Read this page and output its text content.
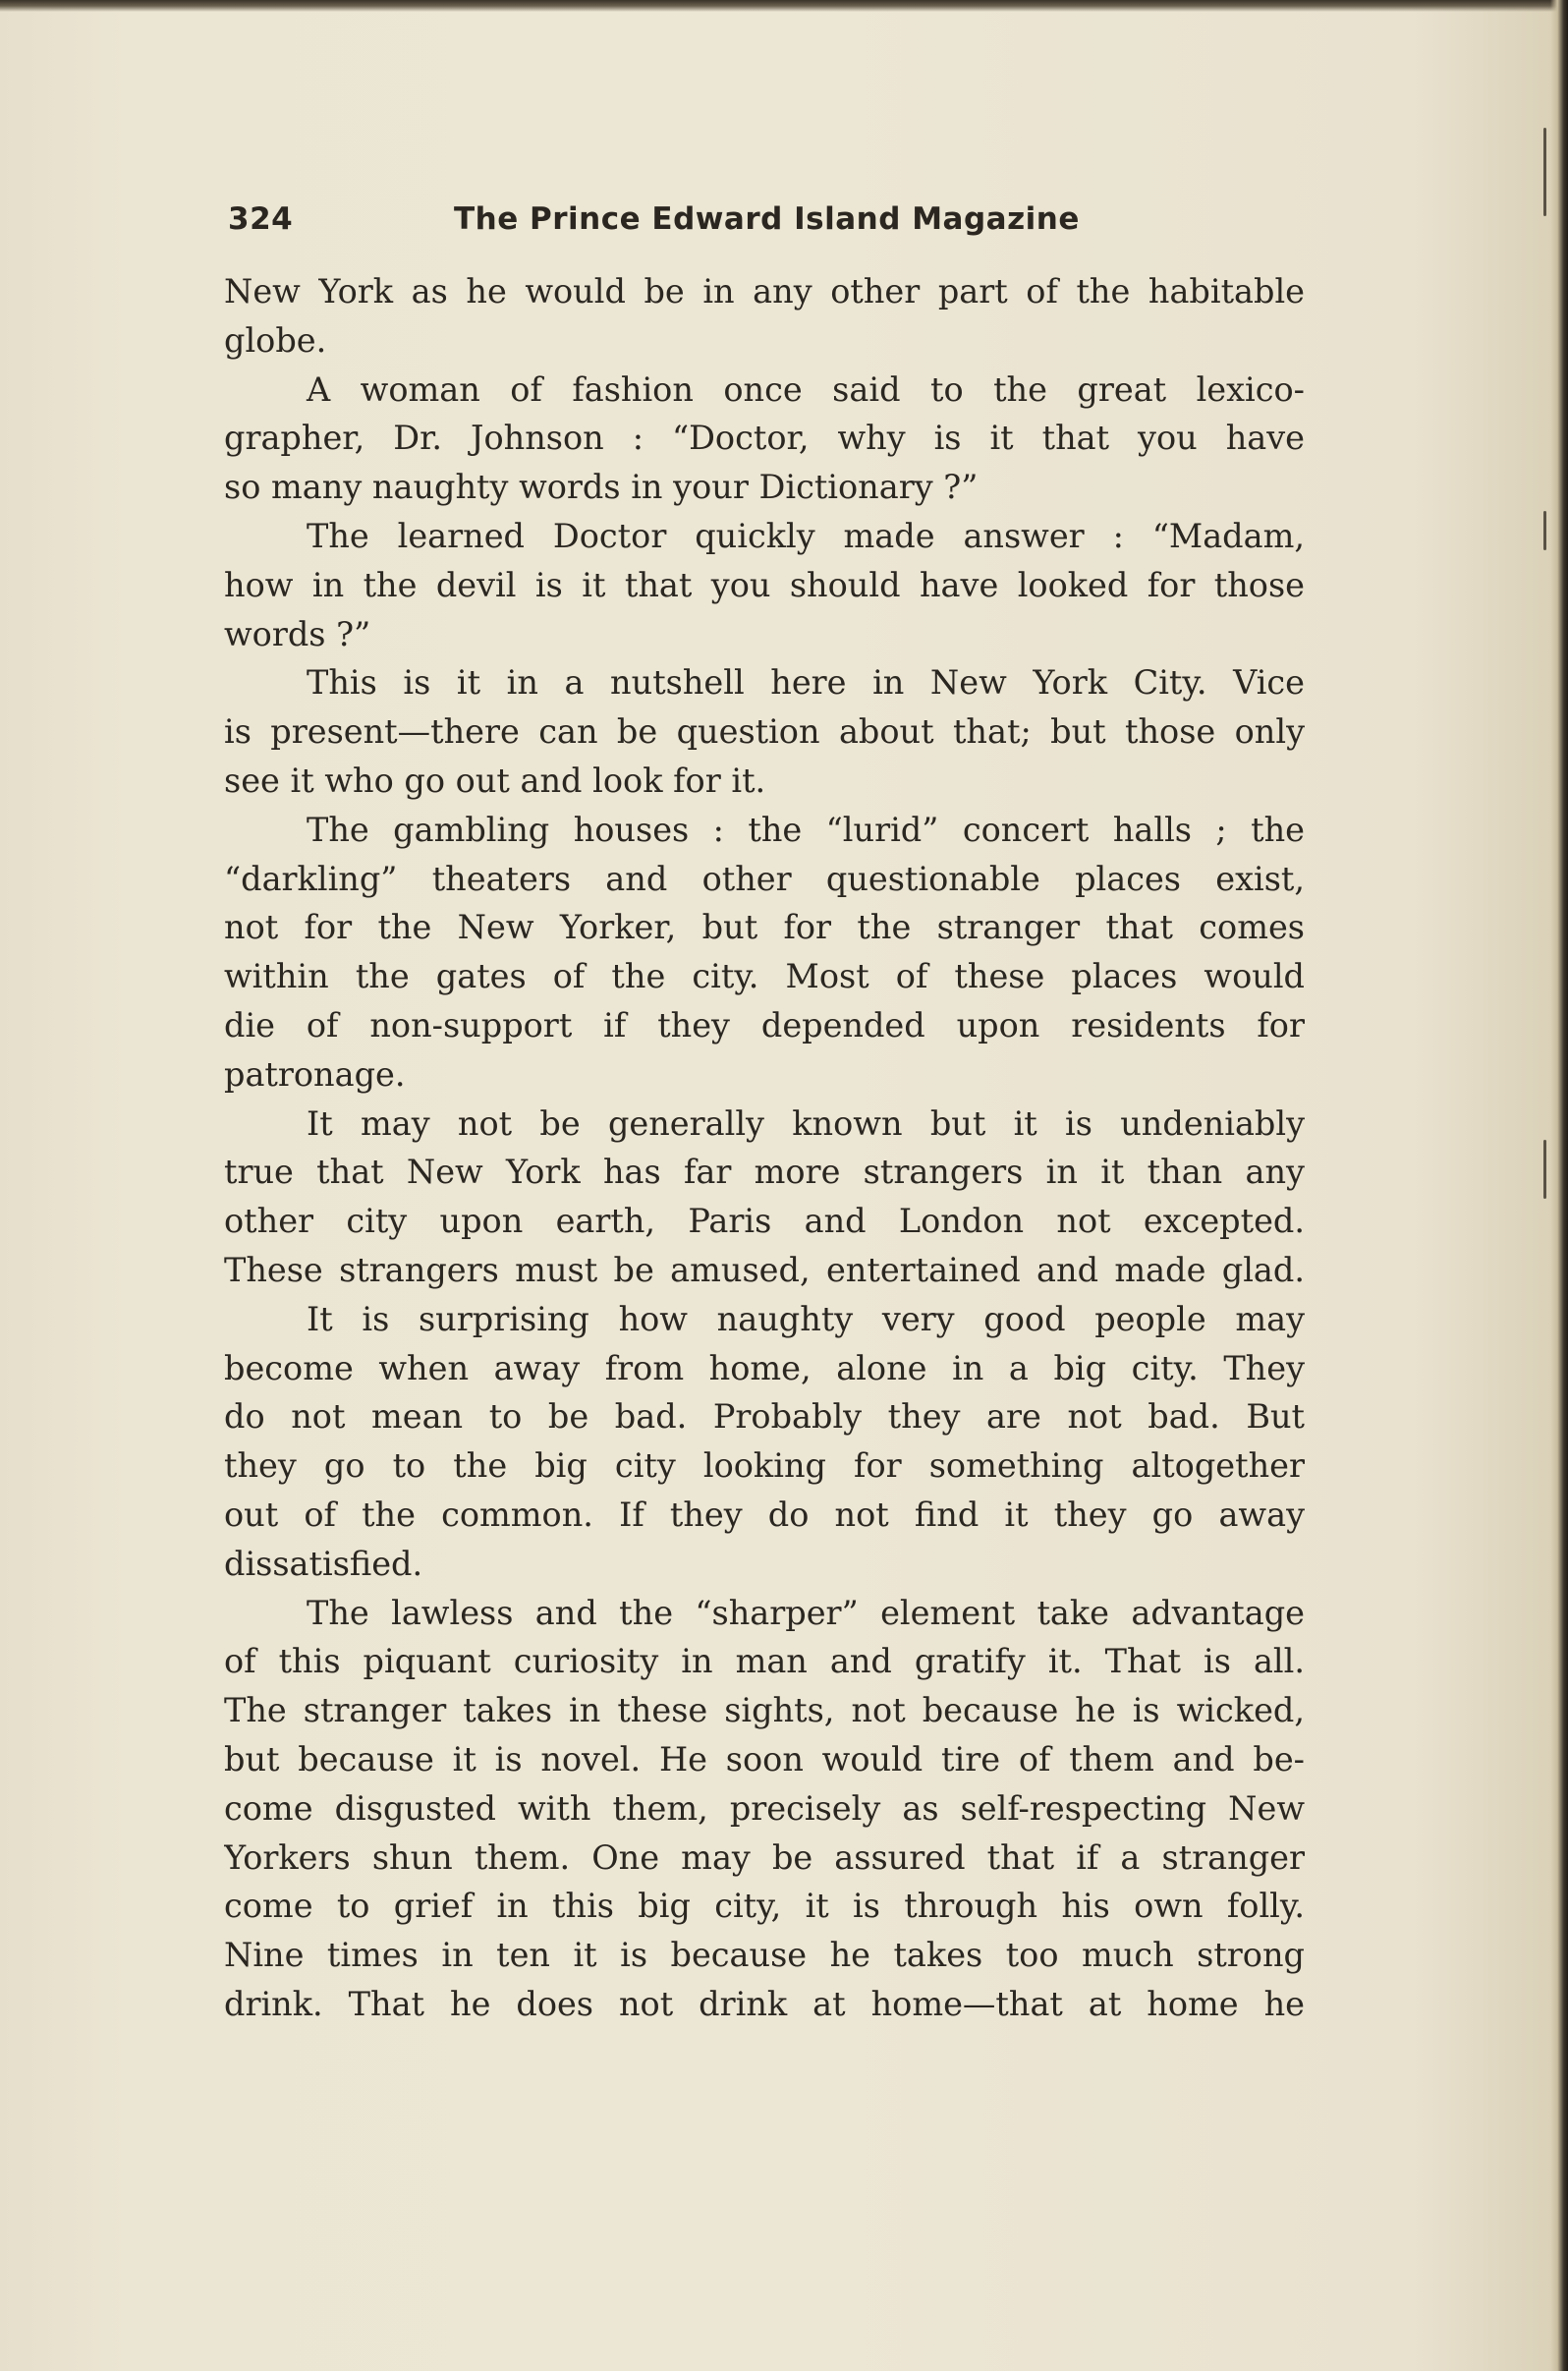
324	The Prince Edward Island Magazine
New York as he would be in any other part of the habitable
globe.
A woman of fashion once said to the great lexico-
grapher, Dr. Johnson : “Doctor, why is it that you have
so many naughty words in your Dictionary ?”
The learned Doctor quickly made answer : “Madam,
how in the devil is it that you should have looked for those
words ?”
This is it in a nutshell here in New York City. Vice
is present—there can be question about that; but those only
see it who go out and look for it.
The gambling houses : the “lurid” concert halls ; the
“darkling” theaters and other questionable places exist,
not for the New Yorker, but for the stranger that comes
within the gates of the city. Most of these places would
die of non-support if they depended upon residents for
patronage.
It may not be generally known but it is undeniably
true that New York has far more strangers in it than any
other city upon earth, Paris and London not excepted.
These strangers must be amused, entertained and made glad.
It is surprising how naughty very good people may
become when away from home, alone in a big city. They
do not mean to be bad. Probably they are not bad. But
they go to the big city looking for something altogether
out of the common. If they do not find it they go away
dissatisfied.
The lawless and the “sharper” element take advantage
of this piquant curiosity in man and gratify it. That is all.
The stranger takes in these sights, not because he is wicked,
but because it is novel. He soon would tire of them and be-
come disgusted with them, precisely as self-respecting New
Yorkers shun them. One may be assured that if a stranger
come to grief in this big city, it is through his own folly.
Nine times in ten it is because he takes too much strong
drink. That he does not drink at home—that at home he
